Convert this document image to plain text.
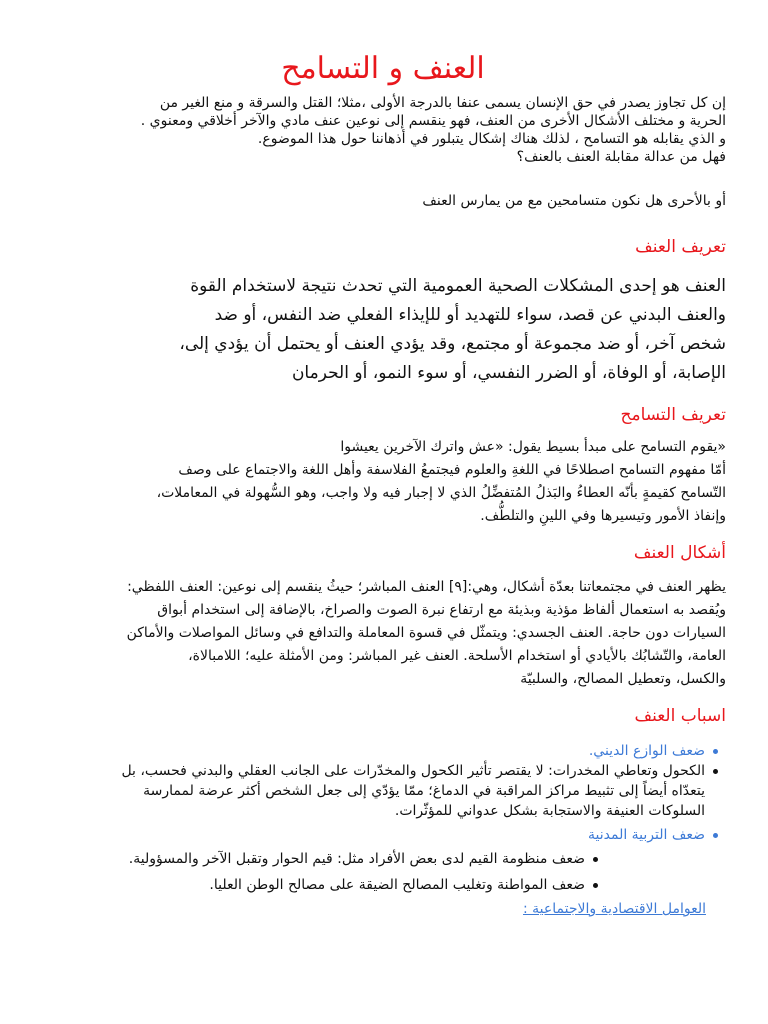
العنف و التسامح

إن كل تجاوز يصدر في حق الإنسان يسمى عنفا بالدرجة الأولى ،مثلا؛ القتل والسرقة و منع الغير من

الحرية و مختلف الأشكال الأخرى من العنف، فهو ينقسم إلى نوعين عنف مادي والآخر أخلاقي ومعنوي .

و الذي يقابله هو التسامح ، لذلك هناك إشكال يتبلور في أذهاننا حول هذا الموضوع.

فهل من عدالة مقابلة العنف بالعنف؟

أو بالأحرى هل نكون متسامحين مع من يمارس العنف

تعريف العنف

العنف هو إحدى المشكلات الصحية العمومية التي تحدث نتيجة لاستخدام القوة

والعنف البدني عن قصد، سواء للتهديد أو للإيذاء الفعلي ضد النفس، أو ضد

شخص آخر، أو ضد مجموعة أو مجتمع، وقد يؤدي العنف أو يحتمل أن يؤدي إلى،

الإصابة، أو الوفاة، أو الضرر النفسي، أو سوء النمو، أو الحرمان

تعريف التسامح

«يقوم التسامح على مبدأ بسيط يقول: «عش واترك الآخرين يعيشوا

أمّا مفهوم التسامح اصطلاحًا في اللغةِ والعلوم فيجتمعُ الفلاسفة وأهل اللغة والاجتماع على وصف

التّسامح كقيمةٍ بأنّه العطاءُ والبَذلُ المُتفضِّلُ الذي لا إجبار فيه ولا واجب، وهو السُّهولة في المعاملات،

وإنفاذ الأمور وتيسيرها وفي اللينِ والتلطُّف.

أشكال العنف

يظهر العنف في مجتمعاتنا بعدّة أشكال، وهي:[٩] العنف المباشر؛ حيثُ ينقسم إلى نوعين: العنف اللفظي:

ويُقصد به استعمال ألفاظ مؤذية وبذيئة مع ارتفاع نبرة الصوت والصراخ، بالإضافة إلى استخدام أبواق

السيارات دون حاجة. العنف الجسدي: ويتمثّل في قسوة المعاملة والتدافع في وسائل المواصلات والأماكن

العامة، والتّشابُك بالأيادي أو استخدام الأسلحة. العنف غير المباشر: ومن الأمثلة عليه؛ اللامبالاة،

والكسل، وتعطيل المصالح، والسلبيّة

اسباب العنف

ضعف الوازع الديني.

الكحول وتعاطي المخدرات: لا يقتصر تأثير الكحول والمخدّرات على الجانب العقلي والبدني فحسب، بل
يتعدّاه أيضاً إلى تثبيط مراكز المراقبة في الدماغ؛ ممّا يؤدّي إلى جعل الشخص أكثر عرضة لممارسة
السلوكات العنيفة والاستجابة بشكل عدواني للمؤثّرات.

ضعف التربية المدنية

ضعف منظومة القيم لدى بعض الأفراد مثل: قيم الحوار وتقبل الآخر والمسؤولية.
ضعف المواطنة وتغليب المصالح الضيقة على مصالح الوطن العليا.

العوامل الاقتصادية والاجتماعية :
